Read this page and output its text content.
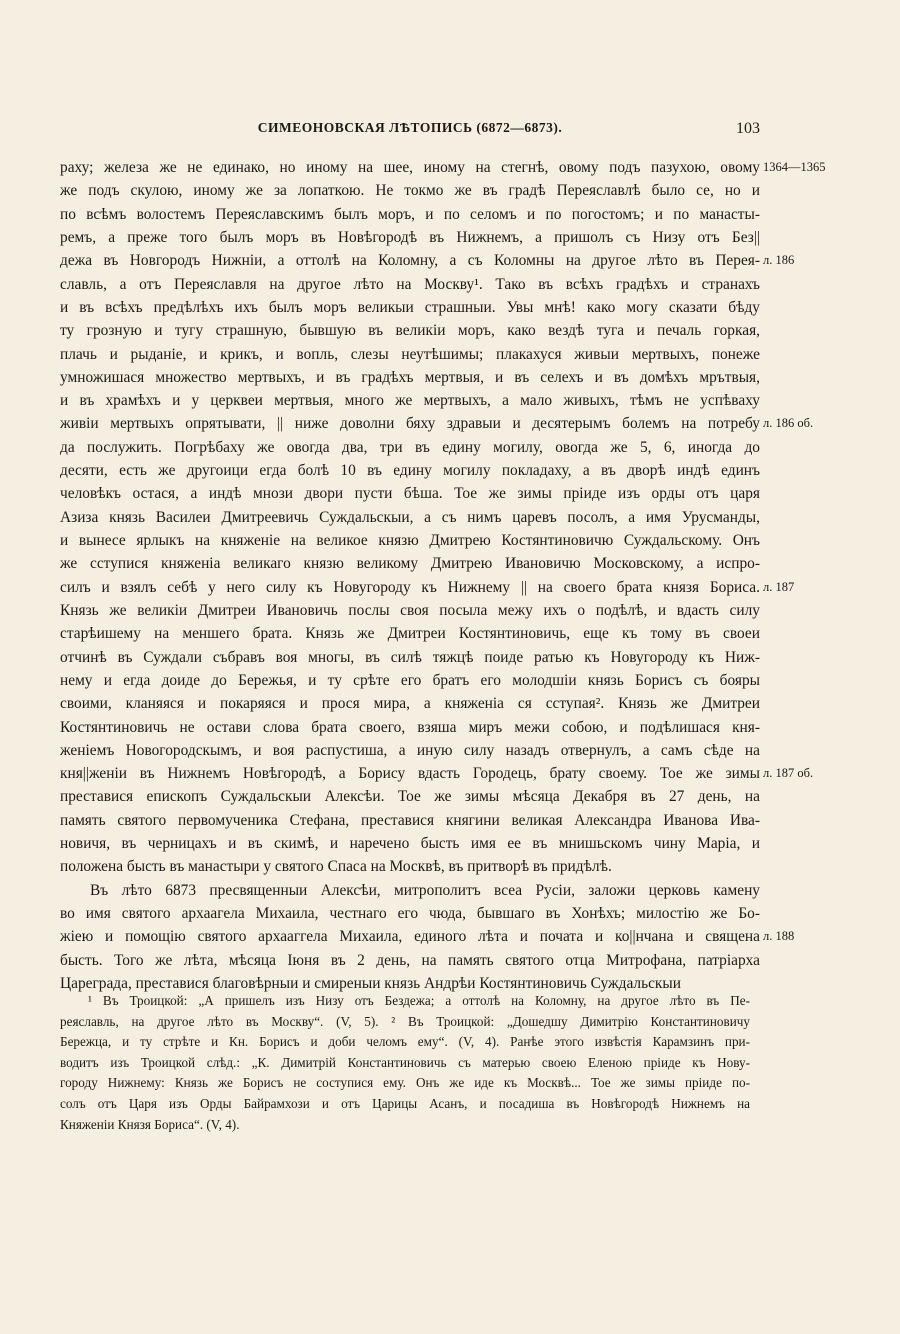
СИМЕОНОВСКАЯ ЛѢТОПИСЬ (6872—6873).	103
раху; железа же не единако, но иному на шее, иному на стегнѣ, овому подъ пазухою, овому 1364—1365
же подъ скулою, иному же за лопаткою. Не токмо же въ градѣ Переяславлѣ было се, но и
по всѣмъ волостемъ Переяславскимъ былъ моръ, и по селомъ и по погостомъ; и по манасты-
ремъ, а преже того былъ моръ въ Новѣгородѣ въ Нижнемъ, а пришолъ съ Низу отъ Без||
дежа въ Новгородъ Нижнiи, а оттолѣ на Коломну, а съ Коломны на другое лѣто въ Перея- л. 186
славль, а отъ Переяславля на другое лѣто на Москву¹. Тако въ всѣхъ градѣхъ и странахъ
и въ всѣхъ предѣлѣхъ ихъ былъ моръ великыи страшныи. Увы мнѣ! како могу сказати бѣду
ту грозную и тугу страшную, бывшую въ великiи моръ, како вездѣ туга и печаль горкая,
плачь и рыданiе, и крикъ, и вопль, слезы неутѣшимы; плакахуся живыи мертвыхъ, понеже
умножишася множество мертвыхъ, и въ градѣхъ мертвыя, и въ селехъ и въ домѣхъ мрътвыя,
и въ храмѣхъ и у церквеи мертвыя, много же мертвыхъ, а мало живыхъ, тѣмъ не успѣваху
живiи мертвыхъ опрятывати, || ниже доволни бяху здравыи и десятерымъ болемъ на потребу л. 186 об.
да послужить. Погрѣбаху же овогда два, три въ едину могилу, овогда же 5, 6, иногда до
десяти, есть же другоици егда болѣ 10 въ едину могилу покладаху, а въ дворѣ индѣ единъ
человѣкъ остася, а индѣ мнози двори пусти бѣша. Тое же зимы прiиде изъ орды отъ царя
Азиза князь Василеи Дмитреевичь Суждальскыи, а съ нимъ царевъ посолъ, а имя Урусманды,
и вынесе ярлыкъ на княженiе на великое князю Дмитрею Костянтиновичю Суждальскому. Онъ
же сступися княженiа великаго князю великому Дмитрею Ивановичю Московскому, а испро-
силъ и взялъ себѣ у него силу къ Новугороду къ Нижнему || на своего брата князя Бориса. л. 187
Князь же великiи Дмитреи Ивановичь послы своя посыла межу ихъ о подѣлѣ, и вдасть силу
старѣишему на меншего брата. Князь же Дмитреи Костянтиновичь, еще къ тому въ своеи
отчинѣ въ Суждали събравъ воя многы, въ силѣ тяжцѣ поиде ратью къ Новугороду къ Ниж-
нему и егда доиде до Бережья, и ту срѣте его братъ его молодшiи князь Борисъ съ бояры
своими, кланяяся и покаряяся и прося мира, а княженiа ся сступая². Князь же Дмитреи
Костянтиновичь не остави слова брата своего, взяша миръ межи собою, и подѣлишася кня-
женiемъ Новогородскымъ, и воя распустиша, а иную силу назадъ отвернулъ, а самъ сѣде на
кня||женiи въ Нижнемъ Новѣгородѣ, а Борису вдасть Городець, брату своему. Тое же зимы л. 187 об.
преставися епископъ Суждальскыи Алексѣи. Тое же зимы мѣсяца Декабря въ 27 день, на
память святого первомученика Стефана, преставися княгини великая Александра Иванова Ива-
новичя, въ черницахъ и въ скимѣ, и наречено бысть имя ее въ мнишьскомъ чину Марiа, и
положена бысть въ манастыри у святого Спаса на Москвѣ, въ притворѣ въ придѣлѣ.
Въ лѣто 6873 пресвященныи Алексѣи, митрополитъ всеа Русiи, заложи церковь камену
во имя святого архаагела Михаила, честнаго его чюда, бывшаго въ Хонѣхъ; милостiю же Бо-
жiею и помощiю святого архааггела Михаила, единого лѣта и почата и ко||нчана и священа л. 188
бысть. Того же лѣта, мѣсяца Iюня въ 2 день, на память святого отца Митрофана, патрiарха
Цареграда, преставися благовѣрныи и смиреныи князь Андрѣи Костянтиновичь Суждальскыи
¹ Въ Троицкой: „А пришелъ изъ Низу отъ Бездежа; а оттолѣ на Коломну, на другое лѣто въ Пе-
реяславль, на другое лѣто въ Москву“. (V, 5). ² Въ Троицкой: „Дошедшу Димитрiю Константиновичу
Бережца, и ту стрѣте и Кн. Борисъ и доби челомъ ему“. (V, 4). Ранѣе этого извѣстiя Карамзинъ при-
водитъ изъ Троицкой слѣд.: „К. Димитрiй Константиновичь съ матерью своею Еленою прiиде къ Нову-
городу Нижнему: Князь же Борисъ не соступися ему. Онъ же иде къ Москвѣ... Тое же зимы прiиде по-
солъ отъ Царя изъ Орды Байрамхози и отъ Царицы Асанъ, и посадиша въ Новѣгородѣ Нижнемъ на
Княженiи Князя Бориса“. (V, 4).
